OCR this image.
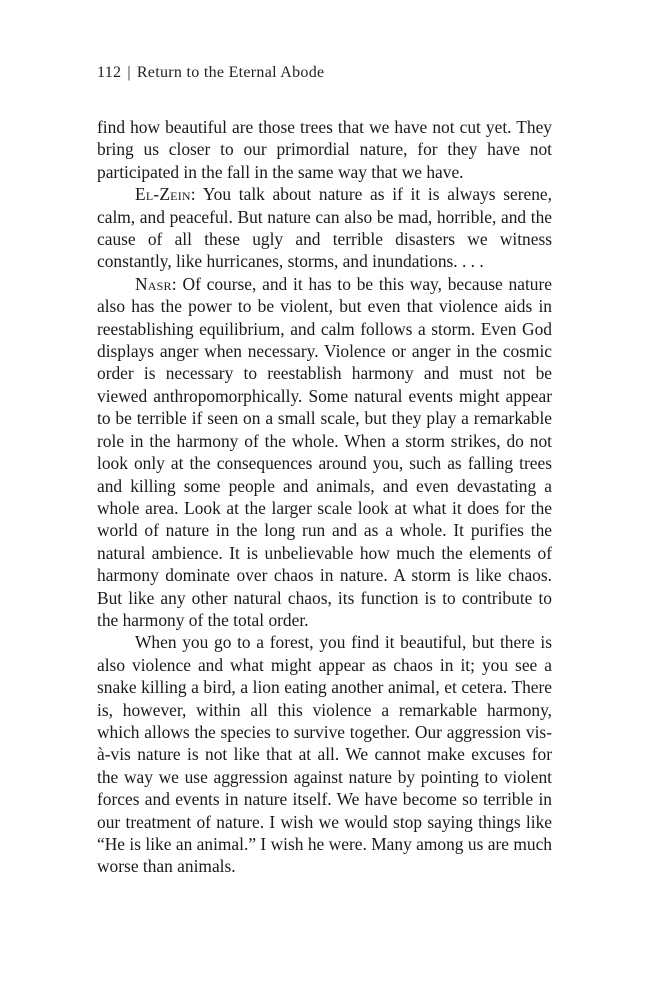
112 | Return to the Eternal Abode

find how beautiful are those trees that we have not cut yet. They bring us closer to our primordial nature, for they have not participated in the fall in the same way that we have.

El-Zein: You talk about nature as if it is always serene, calm, and peaceful. But nature can also be mad, horrible, and the cause of all these ugly and terrible disasters we witness constantly, like hurricanes, storms, and inundations. . . .

Nasr: Of course, and it has to be this way, because nature also has the power to be violent, but even that violence aids in reestablishing equilibrium, and calm follows a storm. Even God displays anger when necessary. Violence or anger in the cosmic order is necessary to reestablish harmony and must not be viewed anthropomorphically. Some natural events might appear to be terrible if seen on a small scale, but they play a remarkable role in the harmony of the whole. When a storm strikes, do not look only at the consequences around you, such as falling trees and killing some people and animals, and even devastating a whole area. Look at the larger scale look at what it does for the world of nature in the long run and as a whole. It purifies the natural ambience. It is unbelievable how much the elements of harmony dominate over chaos in nature. A storm is like chaos. But like any other natural chaos, its function is to contribute to the harmony of the total order.

When you go to a forest, you find it beautiful, but there is also violence and what might appear as chaos in it; you see a snake killing a bird, a lion eating another animal, et cetera. There is, however, within all this violence a remarkable harmony, which allows the species to survive together. Our aggression vis-à-vis nature is not like that at all. We cannot make excuses for the way we use aggression against nature by pointing to violent forces and events in nature itself. We have become so terrible in our treatment of nature. I wish we would stop saying things like “He is like an animal.” I wish he were. Many among us are much worse than animals.
